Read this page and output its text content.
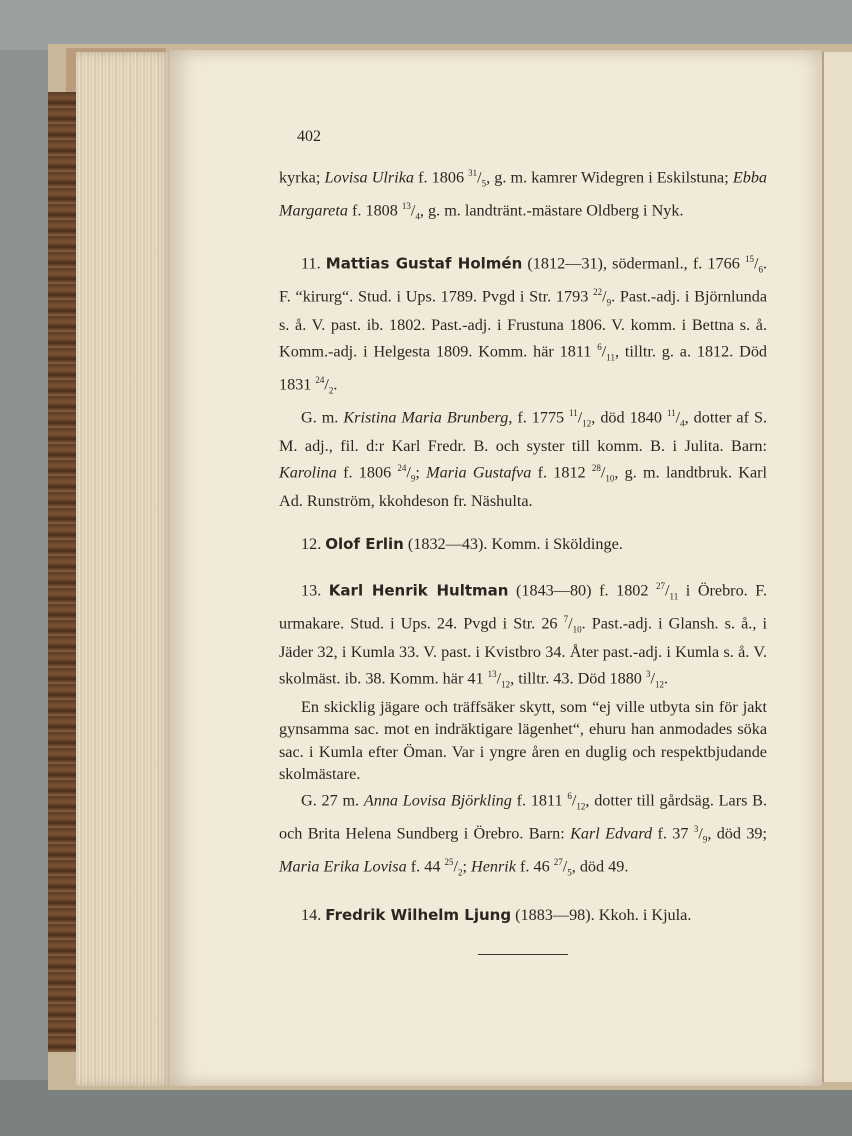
402

kyrka; Lovisa Ulrika f. 1806 $^{31}/_5$, g. m. kamrer Widegren i Eskilstuna; Ebba Margareta f. 1808 $^{13}/_4$, g. m. landtränt.-mästare Oldberg i Nyk.

11. Mattias Gustaf Holmén (1812—31), södermanl., f. 1766 $^{15}/_6$. F. “kirurg“. Stud. i Ups. 1789. Pvgd i Str. 1793 $^{22}/_9$. Past.-adj. i Björnlunda s. å. V. past. ib. 1802. Past.-adj. i Frustuna 1806. V. komm. i Bettna s. å. Komm.-adj. i Helgesta 1809. Komm. här 1811 $^6/_{11}$, tilltr. g. a. 1812. Död 1831 $^{24}/_2$.

G. m. Kristina Maria Brunberg, f. 1775 $^{11}/_{12}$, död 1840 $^{11}/_4$, dotter af S. M. adj., fil. d:r Karl Fredr. B. och syster till komm. B. i Julita. Barn: Karolina f. 1806 $^{24}/_9$; Maria Gustafva f. 1812 $^{28}/_{10}$, g. m. landtbruk. Karl Ad. Runström, kkohdeson fr. Näshulta.

12. Olof Erlin (1832—43). Komm. i Sköldinge.

13. Karl Henrik Hultman (1843—80) f. 1802 $^{27}/_{11}$ i Örebro. F. urmakare. Stud. i Ups. 24. Pvgd i Str. 26 $^7/_{10}$. Past.-adj. i Glansh. s. å., i Jäder 32, i Kumla 33. V. past. i Kvistbro 34. Åter past.-adj. i Kumla s. å. V. skolmäst. ib. 38. Komm. här 41 $^{13}/_{12}$, tilltr. 43. Död 1880 $^3/_{12}$.

En skicklig jägare och träffsäker skytt, som “ej ville utbyta sin för jakt gynsamma sac. mot en indräktigare lägenhet“, ehuru han anmodades söka sac. i Kumla efter Öman. Var i yngre åren en duglig och respektbjudande skolmästare.

G. 27 m. Anna Lovisa Björkling f. 1811 $^6/_{12}$, dotter till gårdsäg. Lars B. och Brita Helena Sundberg i Örebro. Barn: Karl Edvard f. 37 $^3/_9$, död 39; Maria Erika Lovisa f. 44 $^{25}/_2$; Henrik f. 46 $^{27}/_5$, död 49.

14. Fredrik Wilhelm Ljung (1883—98). Kkoh. i Kjula.
